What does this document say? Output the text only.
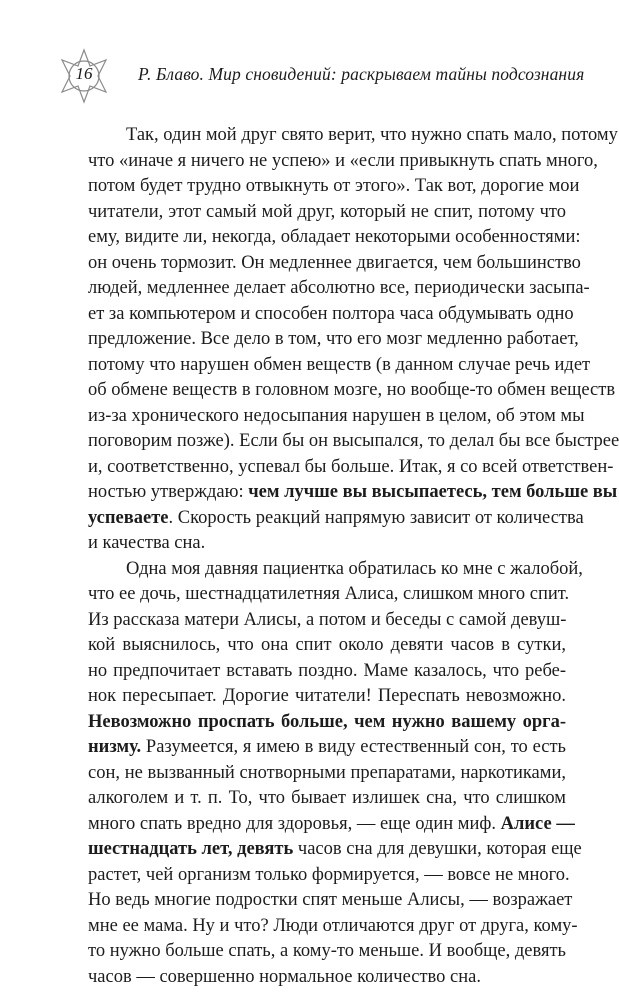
16	Р. Блаво. Мир сновидений: раскрываем тайны подсознания
Так, один мой друг свято верит, что нужно спать мало, потому
что «иначе я ничего не успею» и «если привыкнуть спать много,
потом будет трудно отвыкнуть от этого». Так вот, дорогие мои
читатели, этот самый мой друг, который не спит, потому что
ему, видите ли, некогда, обладает некоторыми особенностями:
он очень тормозит. Он медленнее двигается, чем большинство
людей, медленнее делает абсолютно все, периодически засыпа-
ет за компьютером и способен полтора часа обдумывать одно
предложение. Все дело в том, что его мозг медленно работает,
потому что нарушен обмен веществ (в данном случае речь идет
об обмене веществ в головном мозге, но вообще-то обмен веществ
из-за хронического недосыпания нарушен в целом, об этом мы
поговорим позже). Если бы он высыпался, то делал бы все быстрее
и, соответственно, успевал бы больше. Итак, я со всей ответствен-
ностью утверждаю: чем лучше вы высыпаетесь, тем больше вы
успеваете. Скорость реакций напрямую зависит от количества
и качества сна.
Одна моя давняя пациентка обратилась ко мне с жалобой,
что ее дочь, шестнадцатилетняя Алиса, слишком много спит.
Из рассказа матери Алисы, а потом и беседы с самой девуш-
кой выяснилось, что она спит около девяти часов в сутки,
но предпочитает вставать поздно. Маме казалось, что ребе-
нок пересыпает. Дорогие читатели! Переспать невозможно.
Невозможно проспать больше, чем нужно вашему орга-
низму. Разумеется, я имею в виду естественный сон, то есть
сон, не вызванный снотворными препаратами, наркотиками,
алкоголем и т. п. То, что бывает излишек сна, что слишком
много спать вредно для здоровья, — еще один миф. Алисе —
шестнадцать лет, девять часов сна для девушки, которая еще
растет, чей организм только формируется, — вовсе не много.
Но ведь многие подростки спят меньше Алисы, — возражает
мне ее мама. Ну и что? Люди отличаются друг от друга, кому-
то нужно больше спать, а кому-то меньше. И вообще, девять
часов — совершенно нормальное количество сна.
